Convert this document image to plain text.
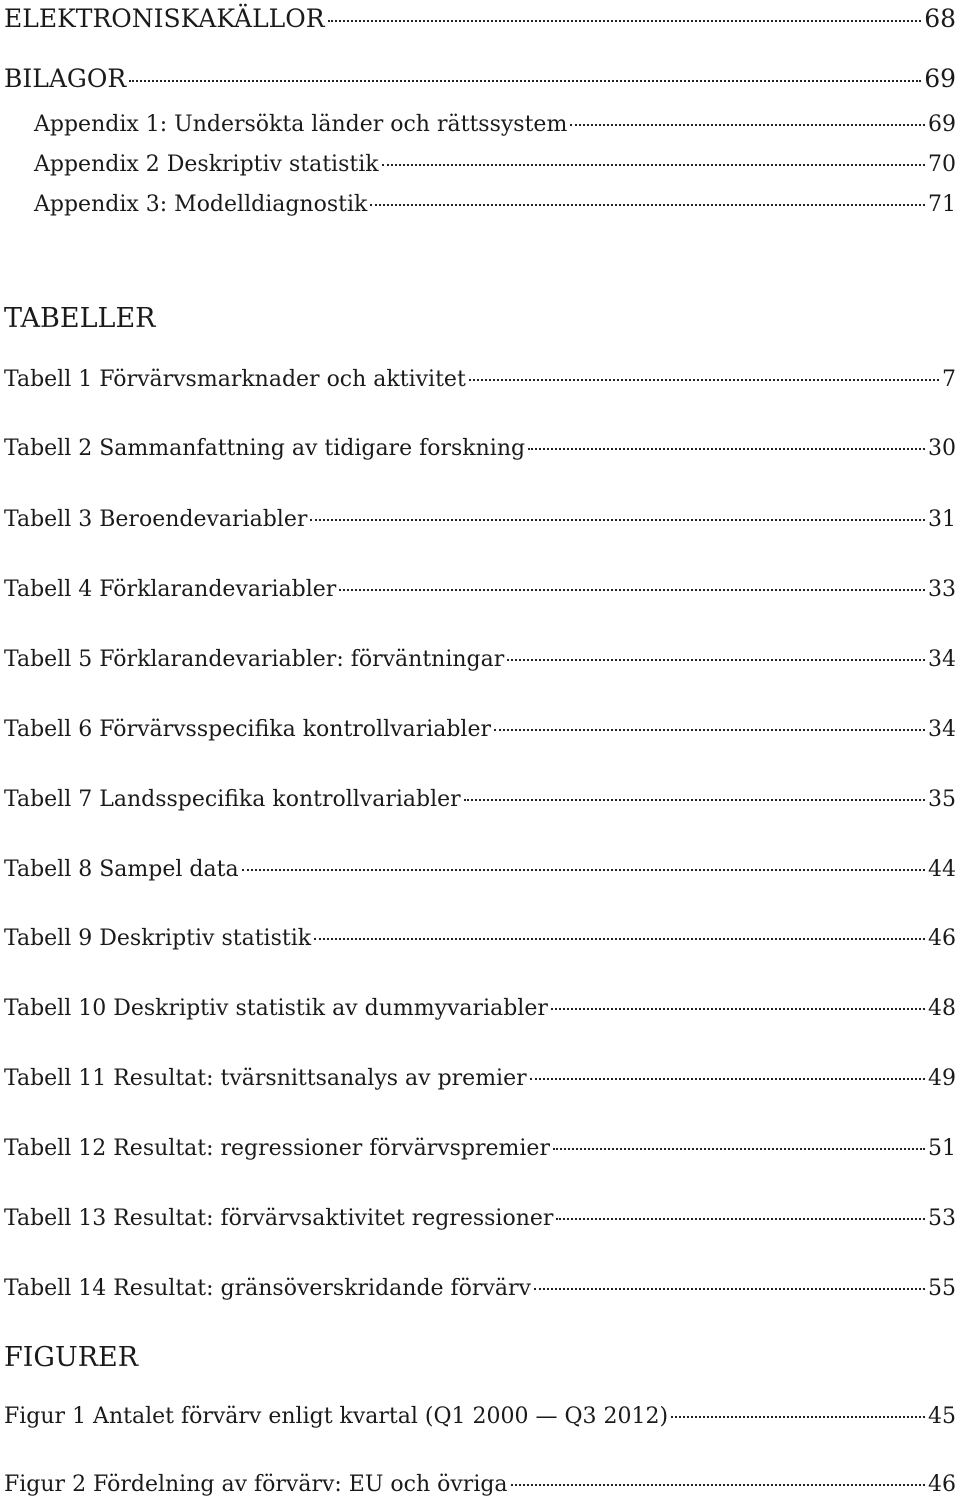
ELEKTRONISKAKÄLLOR	68
BILAGOR	69
Appendix 1: Undersökta länder och rättssystem	69
Appendix 2 Deskriptiv statistik	70
Appendix 3: Modelldiagnostik	71
TABELLER
Tabell 1 Förvärvsmarknader och aktivitet	7
Tabell 2 Sammanfattning av tidigare forskning	30
Tabell 3 Beroendevariabler	31
Tabell 4 Förklarandevariabler	33
Tabell 5 Förklarandevariabler: förväntningar	34
Tabell 6 Förvärvsspecifika kontrollvariabler	34
Tabell 7 Landsspecifika kontrollvariabler	35
Tabell 8 Sampel data	44
Tabell 9 Deskriptiv statistik	46
Tabell 10 Deskriptiv statistik av dummyvariabler	48
Tabell 11 Resultat: tvärsnittsanalys av premier	49
Tabell 12 Resultat: regressioner förvärvspremier	51
Tabell 13 Resultat: förvärvsaktivitet regressioner	53
Tabell 14 Resultat: gränsöverskridande förvärv	55
FIGURER
Figur 1 Antalet förvärv enligt kvartal (Q1 2000 — Q3 2012)	45
Figur 2 Fördelning av förvärv: EU och övriga	46
